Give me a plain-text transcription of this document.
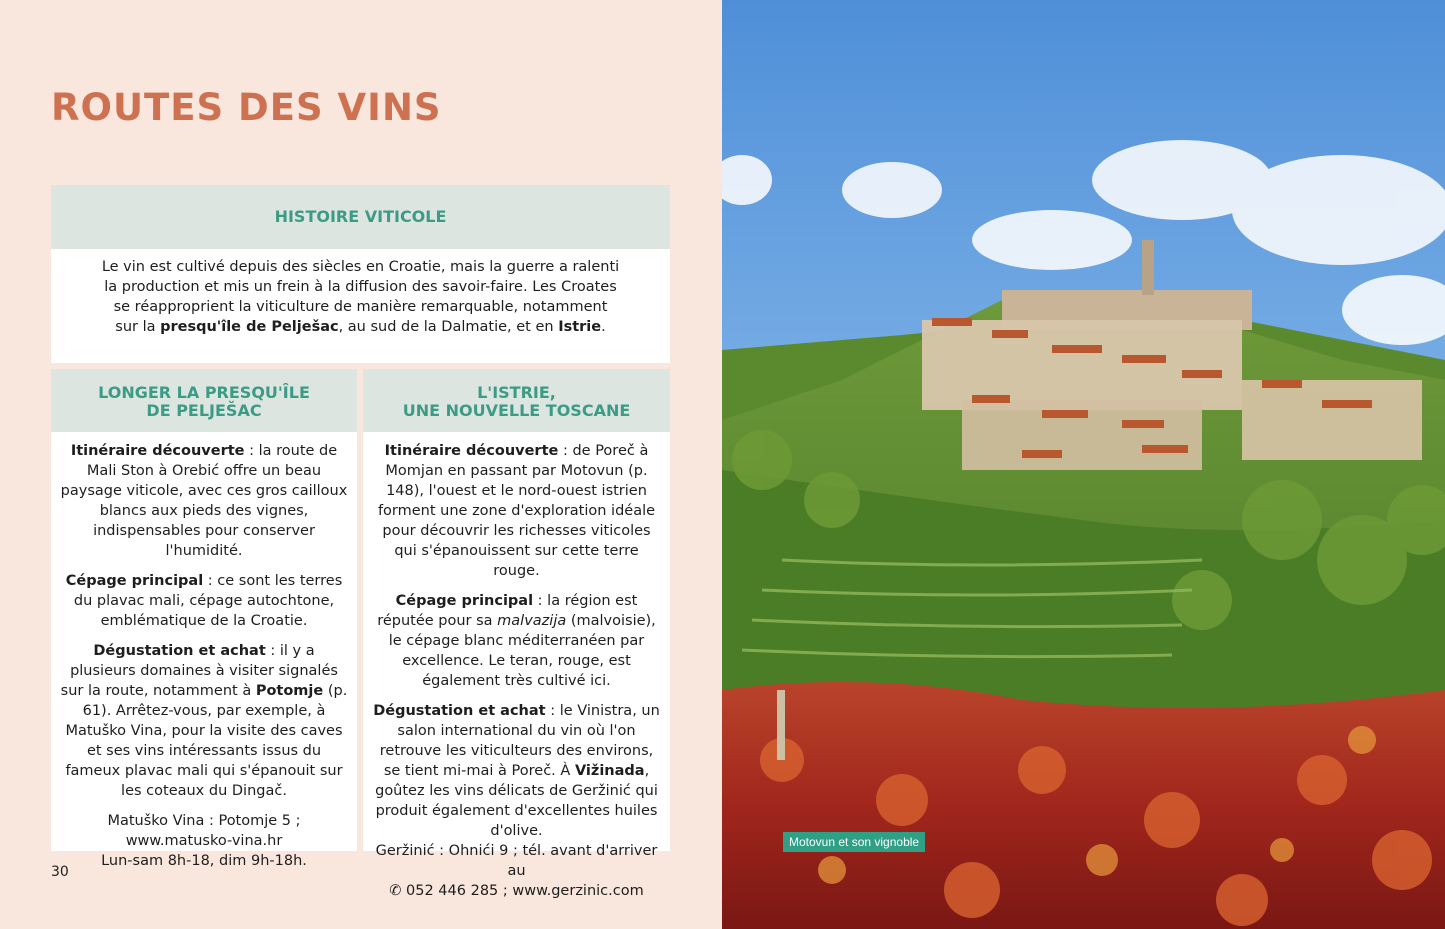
ROUTES DES VINS
HISTOIRE VITICOLE
Le vin est cultivé depuis des siècles en Croatie, mais la guerre a ralenti la production et mis un frein à la diffusion des savoir-faire. Les Croates se réapproprient la viticulture de manière remarquable, notamment sur la presqu'île de Pelješac, au sud de la Dalmatie, et en Istrie.
LONGER LA PRESQU'ÎLE
DE PELJEŠAC

Itinéraire découverte : la route de Mali Ston à Orebić offre un beau paysage viticole, avec ces gros cailloux blancs aux pieds des vignes, indispensables pour conserver l'humidité.

Cépage principal : ce sont les terres du plavac mali, cépage autochtone, emblématique de la Croatie.

Dégustation et achat : il y a plusieurs domaines à visiter signalés sur la route, notamment à Potomje (p. 61). Arrêtez-vous, par exemple, à Matuško Vina, pour la visite des caves et ses vins intéressants issus du fameux plavac mali qui s'épanouit sur les coteaux du Dingač.

Matuško Vina : Potomje 5 ;
www.matusko-vina.hr
Lun-sam 8h-18, dim 9h-18h.

L'ISTRIE,
UNE NOUVELLE TOSCANE

Itinéraire découverte : de Poreč à Momjan en passant par Motovun (p. 148), l'ouest et le nord-ouest istrien forment une zone d'exploration idéale pour découvrir les richesses viticoles qui s'épanouissent sur cette terre rouge.

Cépage principal : la région est réputée pour sa malvazija (malvoisie), le cépage blanc méditerranéen par excellence. Le teran, rouge, est également très cultivé ici.

Dégustation et achat : le Vinistra, un salon international du vin où l'on retrouve les viticulteurs des environs, se tient mi-mai à Poreč. À Vižinada, goûtez les vins délicats de Geržinić qui produit également d'excellentes huiles d'olive.
Geržinić : Ohnići 9 ; tél. avant d'arriver au
✆ 052 446 285 ; www.gerzinic.com

30
Motovun et son vignoble
